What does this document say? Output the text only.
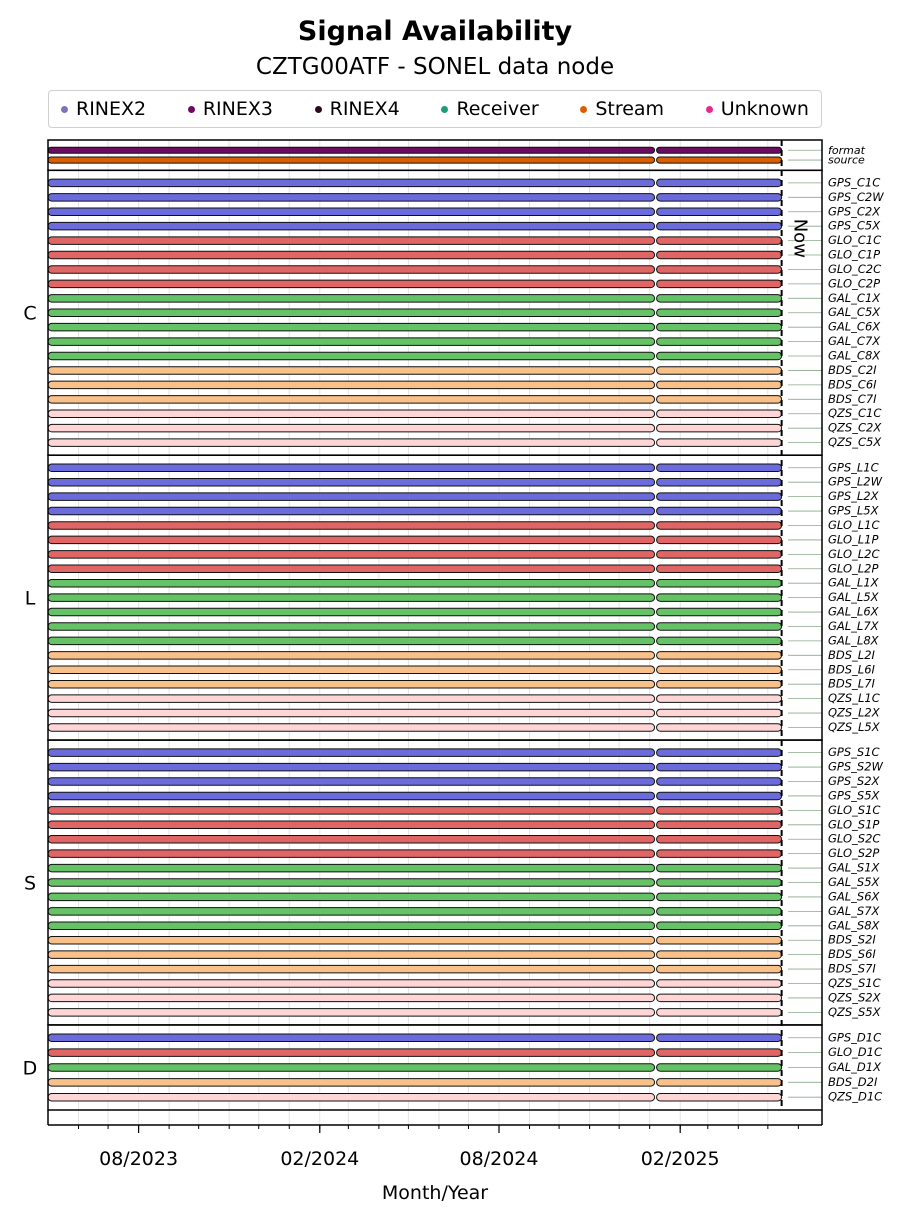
Signal Availability
CZTG00ATF - SONEL data node
RINEX2	RINEX3	RINEX4	Receiver	Stream	Unknown
format
source
GPS_C1C
GPS_C2W
GPS_C2X
GPS_C5X
GLO_C1C
GLO_C1P
GLO_C2C
GLO_C2P
GAL_C1X
GAL_C5X
GAL_C6X
GAL_C7X
GAL_C8X
BDS_C2I
BDS_C6I
BDS_C7I
QZS_C1C
QZS_C2X
QZS_C5X
C
GPS_L1C
GPS_L2W
GPS_L2X
GPS_L5X
GLO_L1C
GLO_L1P
GLO_L2C
GLO_L2P
GAL_L1X
GAL_L5X
GAL_L6X
GAL_L7X
GAL_L8X
BDS_L2I
BDS_L6I
BDS_L7I
QZS_L1C
QZS_L2X
QZS_L5X
L
GPS_S1C
GPS_S2W
GPS_S2X
GPS_S5X
GLO_S1C
GLO_S1P
GLO_S2C
GLO_S2P
GAL_S1X
GAL_S5X
GAL_S6X
GAL_S7X
GAL_S8X
BDS_S2I
BDS_S6I
BDS_S7I
QZS_S1C
QZS_S2X
QZS_S5X
S
GPS_D1C
GLO_D1C
GAL_D1X
BDS_D2I
QZS_D1C
D
Now
08/2023	02/2024	08/2024	02/2025
Month/Year
